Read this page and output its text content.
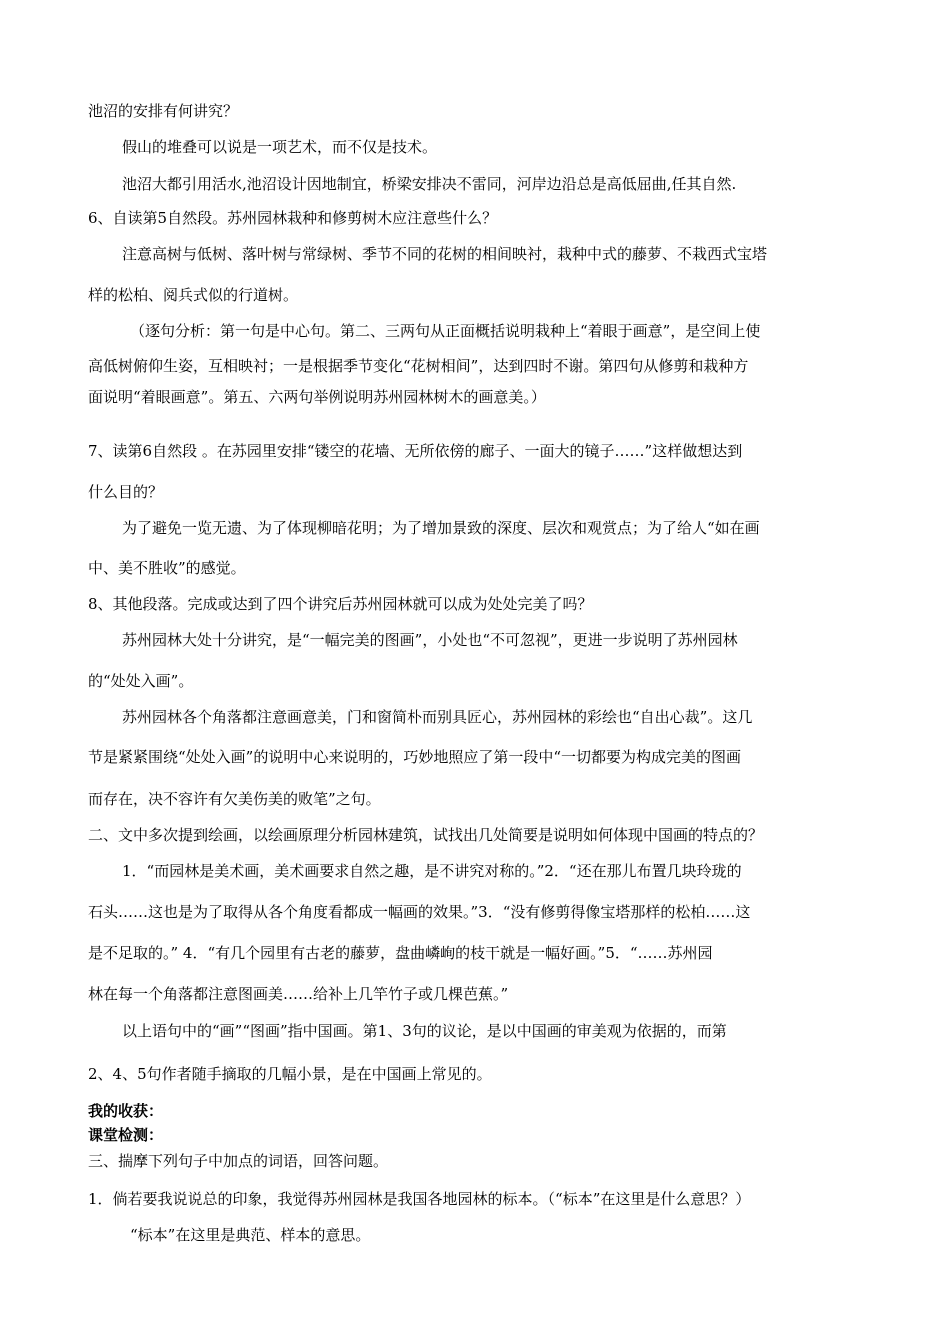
池沼的安排有何讲究？
假山的堆叠可以说是一项艺术，而不仅是技术。
池沼大都引用活水,池沼设计因地制宜，桥梁安排决不雷同，河岸边沿总是高低屈曲,任其自然.
6、自读第5自然段。苏州园林栽种和修剪树木应注意些什么？
注意高树与低树、落叶树与常绿树、季节不同的花树的相间映衬，栽种中式的藤萝、不栽西式宝塔
样的松柏、阅兵式似的行道树。
（逐句分析：第一句是中心句。第二、三两句从正面概括说明栽种上“着眼于画意”，是空间上使
高低树俯仰生姿，互相映衬；一是根据季节变化“花树相间”，达到四时不谢。第四句从修剪和栽种方
面说明“着眼画意”。第五、六两句举例说明苏州园林树木的画意美。）
7、读第6自然段 。在苏园里安排“镂空的花墙、无所依傍的廊子、一面大的镜子……”这样做想达到
什么目的？
为了避免一览无遗、为了体现柳暗花明；为了增加景致的深度、层次和观赏点；为了给人“如在画
中、美不胜收”的感觉。
8、其他段落。完成或达到了四个讲究后苏州园林就可以成为处处完美了吗？
苏州园林大处十分讲究，是“一幅完美的图画”，小处也“不可忽视”，更进一步说明了苏州园林
的“处处入画”。
苏州园林各个角落都注意画意美，门和窗简朴而别具匠心，苏州园林的彩绘也“自出心裁”。这几
节是紧紧围绕“处处入画”的说明中心来说明的，巧妙地照应了第一段中“一切都要为构成完美的图画
而存在，决不容许有欠美伤美的败笔”之句。
二、文中多次提到绘画，以绘画原理分析园林建筑，试找出几处简要是说明如何体现中国画的特点的？
1．“而园林是美术画，美术画要求自然之趣，是不讲究对称的。”2．“还在那儿布置几块玲珑的
石头……这也是为了取得从各个角度看都成一幅画的效果。”3．“没有修剪得像宝塔那样的松柏……这
是不足取的。” 4．“有几个园里有古老的藤萝，盘曲嶙峋的枝干就是一幅好画。”5．“……苏州园
林在每一个角落都注意图画美……给补上几竿竹子或几棵芭蕉。”
以上语句中的“画”“图画”指中国画。第1、3句的议论，是以中国画的审美观为依据的，而第
2、4、5句作者随手摘取的几幅小景，是在中国画上常见的。
我的收获：
课堂检测：
三、揣摩下列句子中加点的词语，回答问题。
1．倘若要我说说总的印象，我觉得苏州园林是我国各地园林的标本。（“标本”在这里是什么意思？）
“标本”在这里是典范、样本的意思。
